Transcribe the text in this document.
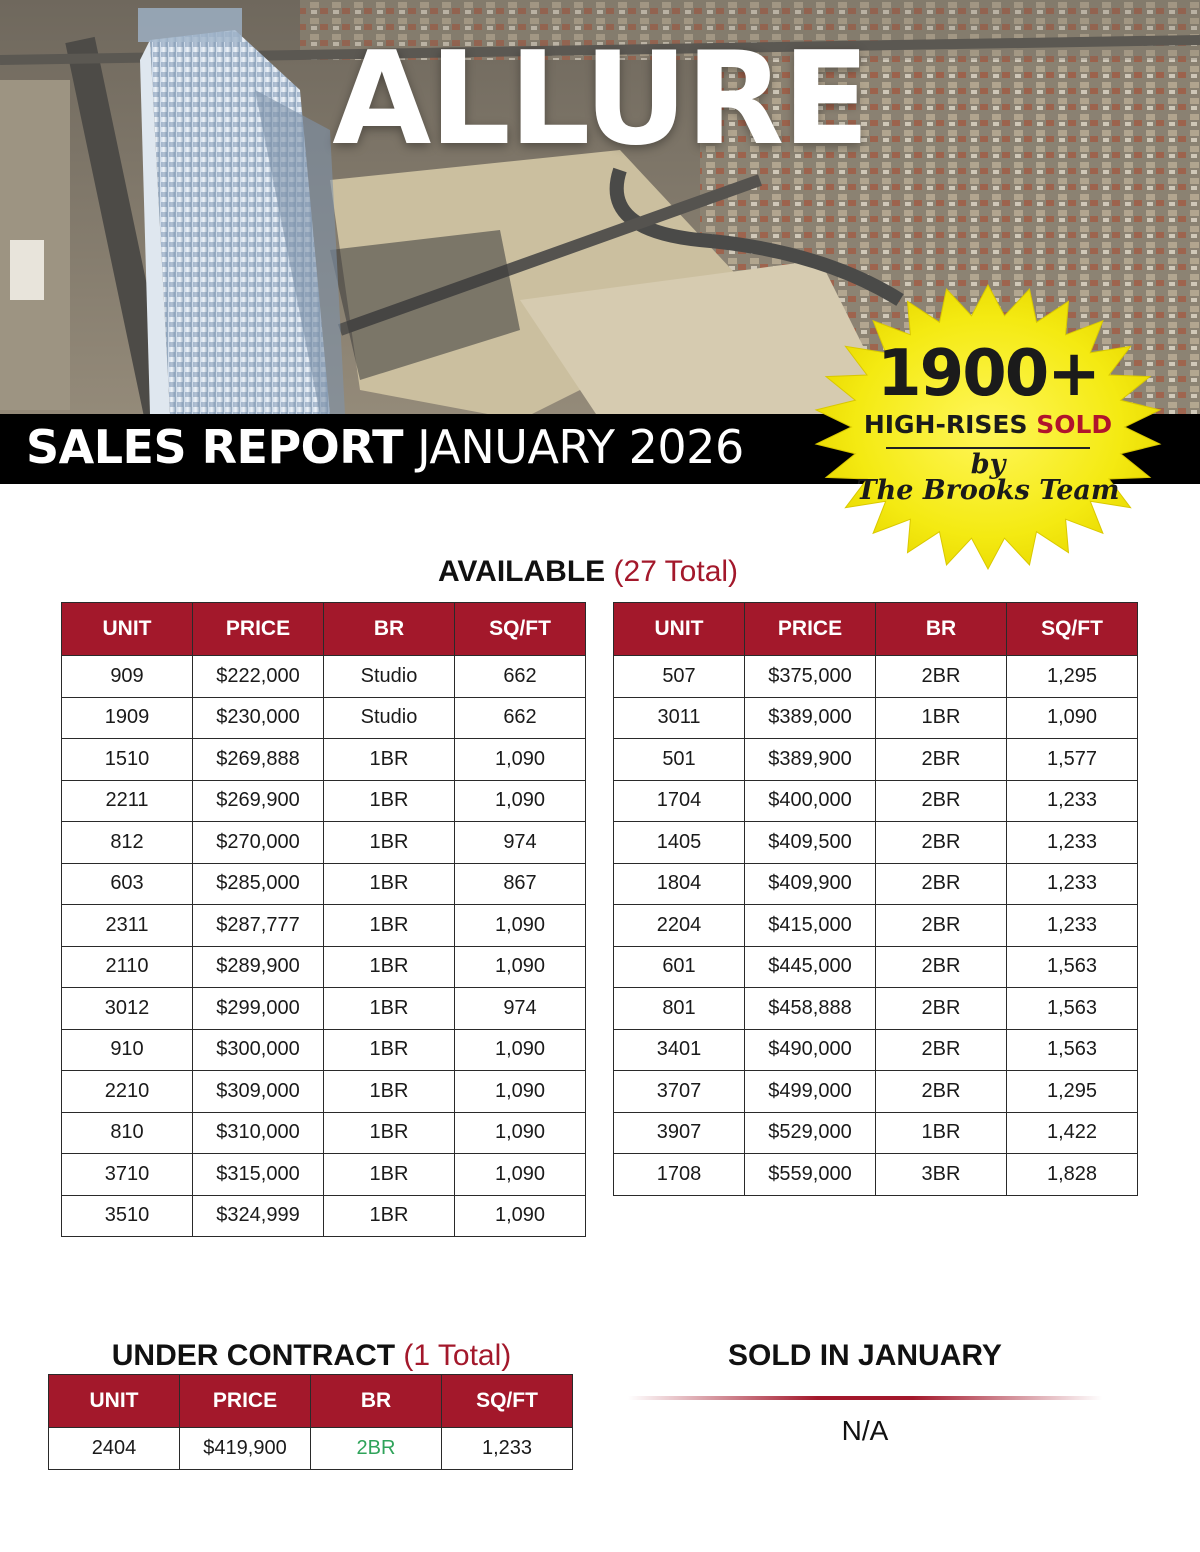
ALLURE
SALES REPORT JANUARY 2026
1900+
HIGH-RISES SOLD
by
The Brooks Team
AVAILABLE (27 Total)
UNIT	PRICE	BR	SQ/FT
909	$222,000	Studio	662
1909	$230,000	Studio	662
1510	$269,888	1BR	1,090
2211	$269,900	1BR	1,090
812	$270,000	1BR	974
603	$285,000	1BR	867
2311	$287,777	1BR	1,090
2110	$289,900	1BR	1,090
3012	$299,000	1BR	974
910	$300,000	1BR	1,090
2210	$309,000	1BR	1,090
810	$310,000	1BR	1,090
3710	$315,000	1BR	1,090
3510	$324,999	1BR	1,090
UNIT	PRICE	BR	SQ/FT
507	$375,000	2BR	1,295
3011	$389,000	1BR	1,090
501	$389,900	2BR	1,577
1704	$400,000	2BR	1,233
1405	$409,500	2BR	1,233
1804	$409,900	2BR	1,233
2204	$415,000	2BR	1,233
601	$445,000	2BR	1,563
801	$458,888	2BR	1,563
3401	$490,000	2BR	1,563
3707	$499,000	2BR	1,295
3907	$529,000	1BR	1,422
1708	$559,000	3BR	1,828
UNDER CONTRACT (1 Total)
UNIT	PRICE	BR	SQ/FT
2404	$419,900	2BR	1,233
SOLD IN JANUARY
N/A
